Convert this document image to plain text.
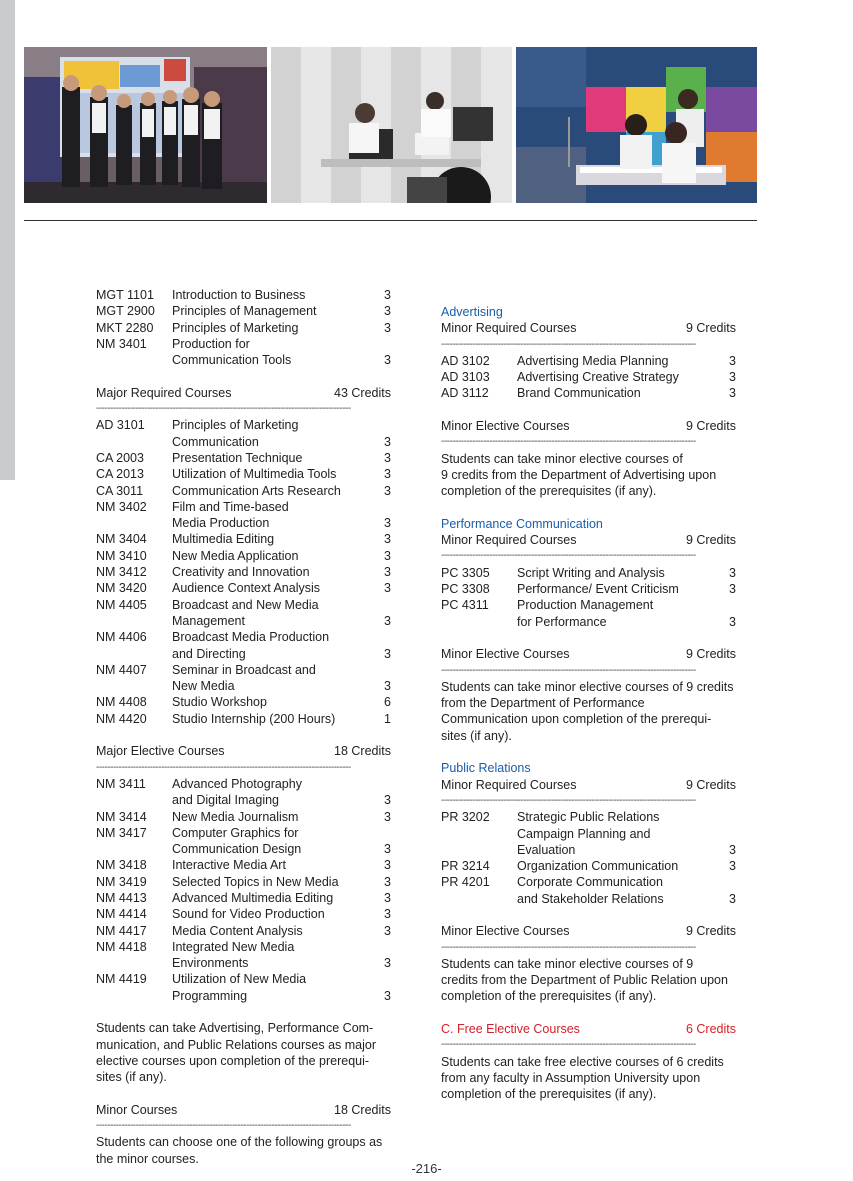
MGT 1101 Introduction to Business	3
MGT 2900 Principles of Management	3
MKT 2280 Principles of Marketing	3
NM 3401 Production for
Communication Tools	3
Major Required Courses	43 Credits
------------------------------------------------------------------------------------------
AD 3101 Principles of Marketing
Communication	3
CA 2003 Presentation Technique	3
CA 2013 Utilization of Multimedia Tools	3
CA 3011 Communication Arts Research	3
NM 3402 Film and Time-based
Media Production	3
NM 3404 Multimedia Editing	3
NM 3410 New Media Application	3
NM 3412 Creativity and Innovation	3
NM 3420 Audience Context Analysis	3
NM 4405 Broadcast and New Media
Management	3
NM 4406 Broadcast Media Production
and Directing	3
NM 4407 Seminar in Broadcast and
New Media	3
NM 4408 Studio Workshop	6
NM 4420 Studio Internship (200 Hours)	1
Major Elective Courses	18 Credits
------------------------------------------------------------------------------------------
NM 3411 Advanced Photography
and Digital Imaging	3
NM 3414 New Media Journalism	3
NM 3417 Computer Graphics for
Communication Design	3
NM 3418 Interactive Media Art	3
NM 3419 Selected Topics in New Media	3
NM 4413 Advanced Multimedia Editing	3
NM 4414 Sound for Video Production	3
NM 4417 Media Content Analysis	3
NM 4418 Integrated New Media
Environments	3
NM 4419 Utilization of New Media
Programming	3
Students can take Advertising, Performance Com-
munication, and Public Relations courses as major
elective courses upon completion of the prerequi-
sites (if any).
Minor Courses	18 Credits
------------------------------------------------------------------------------------------
Students can choose one of the following groups as
the minor courses.
Advertising
Minor Required Courses	9 Credits
------------------------------------------------------------------------------------------
AD 3102 Advertising Media Planning	3
AD 3103 Advertising Creative Strategy	3
AD 3112 Brand Communication	3
Minor Elective Courses	9 Credits
------------------------------------------------------------------------------------------
Students can take minor elective courses of
9 credits from the Department of Advertising upon
completion of the prerequisites (if any).
Performance Communication
Minor Required Courses	9 Credits
------------------------------------------------------------------------------------------
PC 3305 Script Writing and Analysis	3
PC 3308 Performance/ Event Criticism	3
PC 4311 Production Management
for Performance	3
Minor Elective Courses	9 Credits
------------------------------------------------------------------------------------------
Students can take minor elective courses of 9 credits
from the Department of Performance
Communication upon completion of the prerequi-
sites (if any).
Public Relations
Minor Required Courses	9 Credits
------------------------------------------------------------------------------------------
PR 3202 Strategic Public Relations
Campaign Planning and
Evaluation	3
PR 3214 Organization Communication	3
PR 4201 Corporate Communication
and Stakeholder Relations	3
Minor Elective Courses	9 Credits
------------------------------------------------------------------------------------------
Students can take minor elective courses of 9
credits from the Department of Public Relation upon
completion of the prerequisites (if any).
C. Free Elective Courses	6 Credits
------------------------------------------------------------------------------------------
Students can take free elective courses of 6 credits
from any faculty in Assumption University upon
completion of the prerequisites (if any).
-216-
